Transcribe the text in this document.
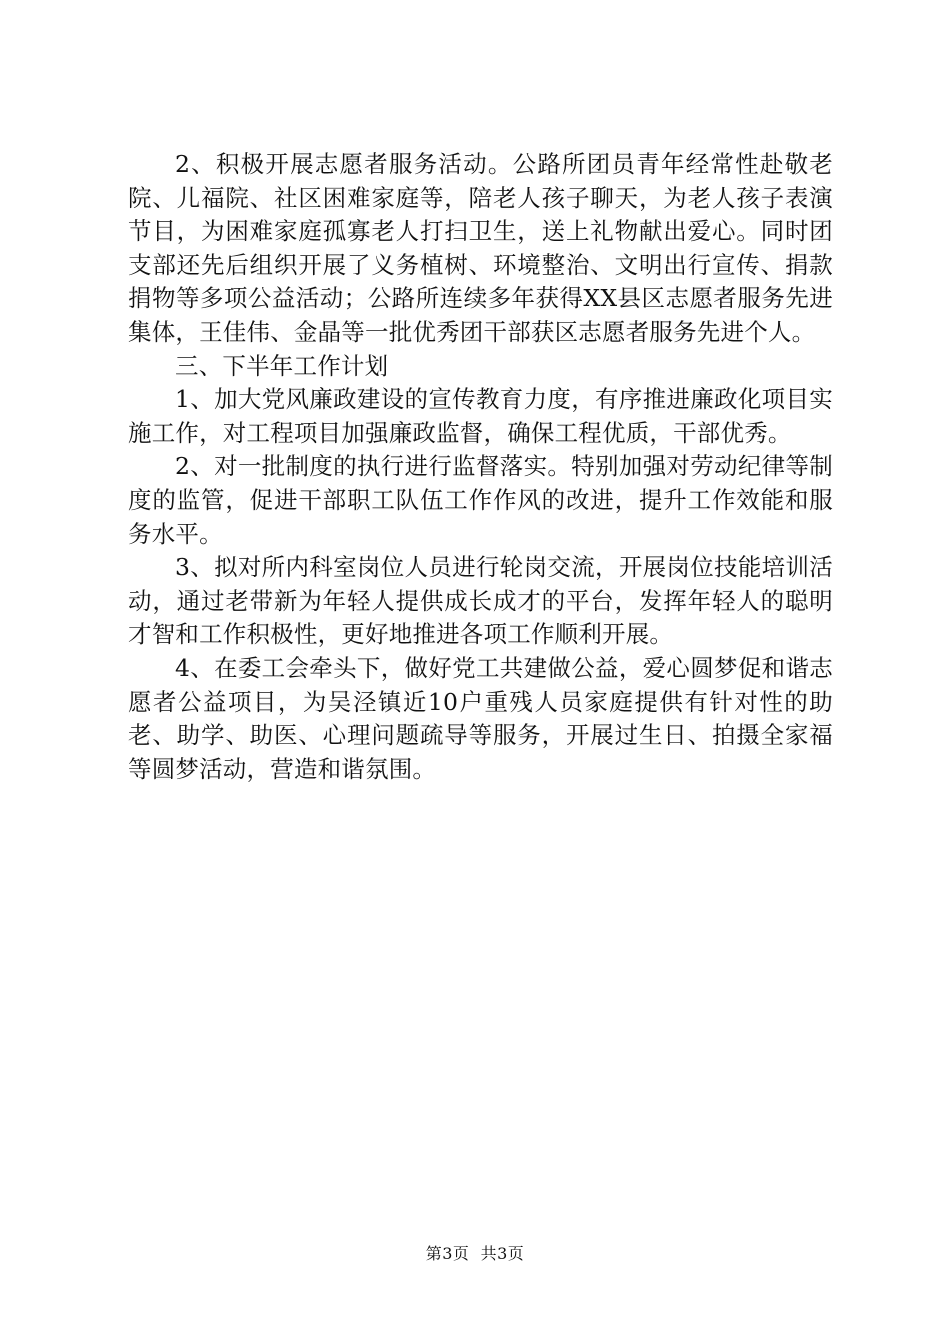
2、积极开展志愿者服务活动。公路所团员青年经常性赴敬老院、儿福院、社区困难家庭等，陪老人孩子聊天，为老人孩子表演节目，为困难家庭孤寡老人打扫卫生，送上礼物献出爱心。同时团支部还先后组织开展了义务植树、环境整治、文明出行宣传、捐款捐物等多项公益活动；公路所连续多年获得XX县区志愿者服务先进集体，王佳伟、金晶等一批优秀团干部获区志愿者服务先进个人。

三、下半年工作计划

1、加大党风廉政建设的宣传教育力度，有序推进廉政化项目实施工作，对工程项目加强廉政监督，确保工程优质，干部优秀。

2、对一批制度的执行进行监督落实。特别加强对劳动纪律等制度的监管，促进干部职工队伍工作作风的改进，提升工作效能和服务水平。

3、拟对所内科室岗位人员进行轮岗交流，开展岗位技能培训活动，通过老带新为年轻人提供成长成才的平台，发挥年轻人的聪明才智和工作积极性，更好地推进各项工作顺利开展。

4、在委工会牵头下，做好党工共建做公益，爱心圆梦促和谐志愿者公益项目，为吴泾镇近10户重残人员家庭提供有针对性的助老、助学、助医、心理问题疏导等服务，开展过生日、拍摄全家福等圆梦活动，营造和谐氛围。

第3页 共3页
